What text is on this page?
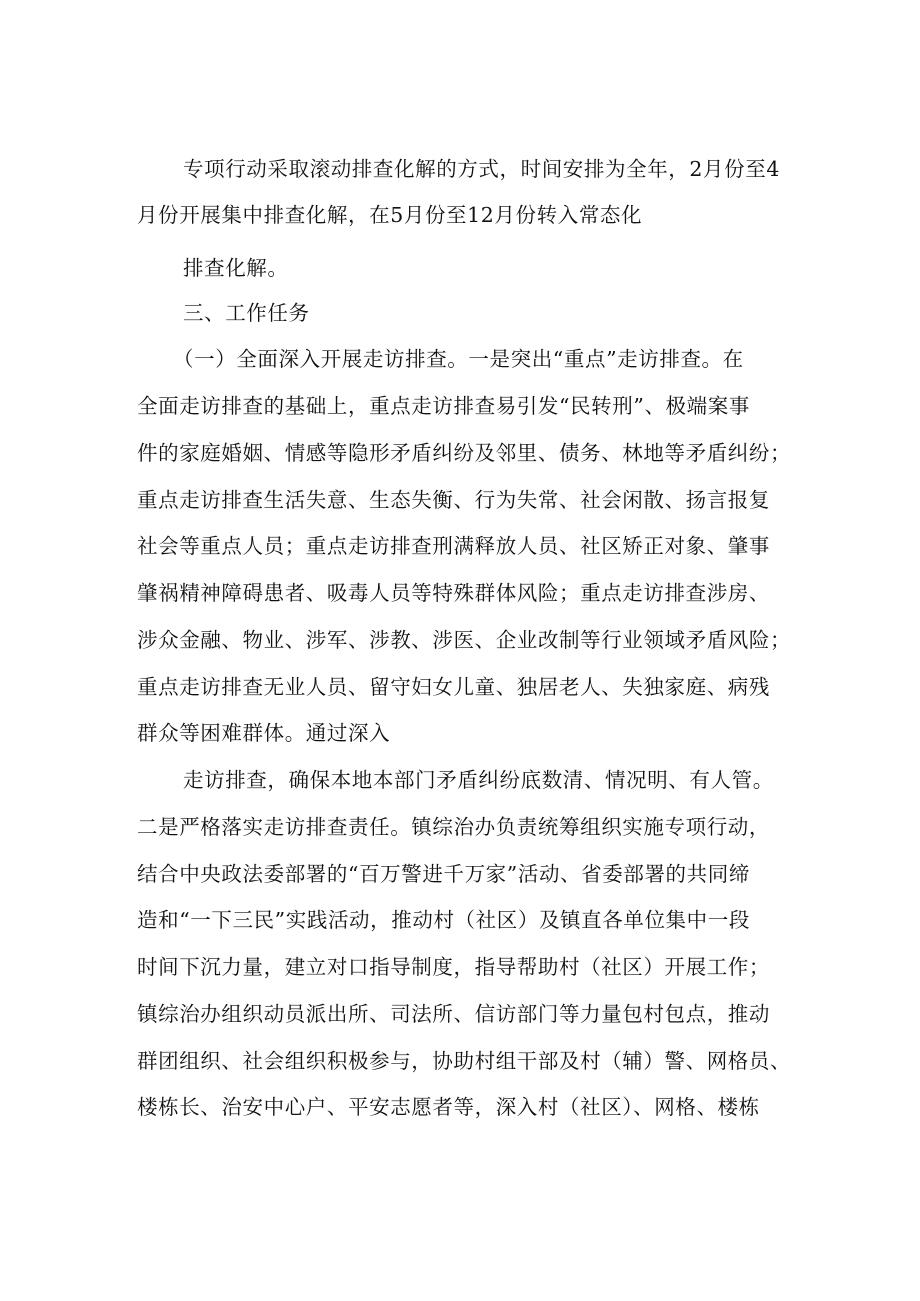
专项行动采取滚动排查化解的方式，时间安排为全年，2月份至4
月份开展集中排查化解，在5月份至12月份转入常态化
排查化解。
三、工作任务
（一）全面深入开展走访排查。一是突出“重点”走访排查。在
全面走访排查的基础上，重点走访排查易引发“民转刑”、极端案事
件的家庭婚姻、情感等隐形矛盾纠纷及邻里、债务、林地等矛盾纠纷；
重点走访排查生活失意、生态失衡、行为失常、社会闲散、扬言报复
社会等重点人员；重点走访排查刑满释放人员、社区矫正对象、肇事
肇祸精神障碍患者、吸毒人员等特殊群体风险；重点走访排查涉房、
涉众金融、物业、涉军、涉教、涉医、企业改制等行业领域矛盾风险；
重点走访排查无业人员、留守妇女儿童、独居老人、失独家庭、病残
群众等困难群体。通过深入
走访排查，确保本地本部门矛盾纠纷底数清、情况明、有人管。
二是严格落实走访排查责任。镇综治办负责统筹组织实施专项行动，
结合中央政法委部署的“百万警进千万家”活动、省委部署的共同缔
造和“一下三民”实践活动，推动村（社区）及镇直各单位集中一段
时间下沉力量，建立对口指导制度，指导帮助村（社区）开展工作；
镇综治办组织动员派出所、司法所、信访部门等力量包村包点，推动
群团组织、社会组织积极参与，协助村组干部及村（辅）警、网格员、
楼栋长、治安中心户、平安志愿者等，深入村（社区）、网格、楼栋
